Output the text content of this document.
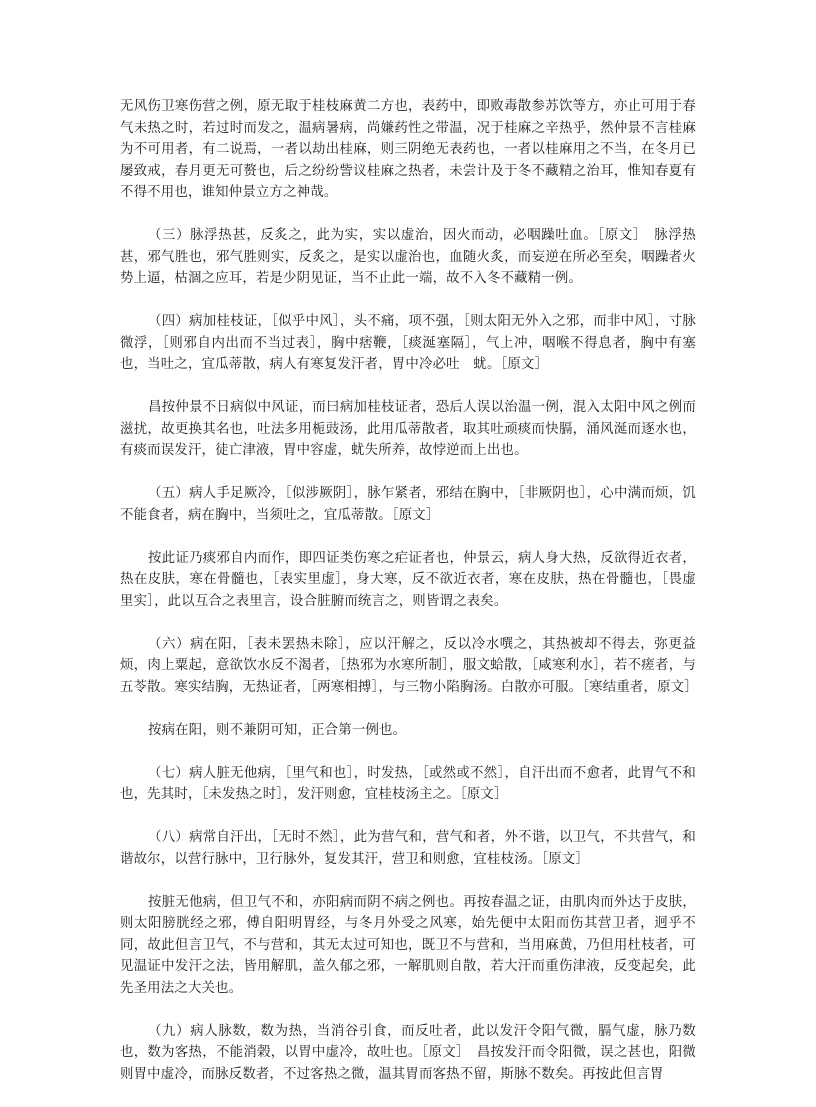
无风伤卫寒伤营之例，原无取于桂枝麻黄二方也，表药中，即败毒散参苏饮等方，亦止可用于春气未热之时，若过时而发之，温病暑病，尚嫌药性之带温，况于桂麻之辛热乎，然仲景不言桂麻为不可用者，有二说焉，一者以劫出桂麻，则三阴绝无表药也，一者以桂麻用之不当，在冬月已屡致戒，春月更无可赘也，后之纷纷訾议桂麻之热者，未尝计及于冬不藏精之治耳，惟知春夏有不得不用也，谁知仲景立方之神哉。

（三）脉浮热甚，反炙之，此为实，实以虚治，因火而动，必咽躁吐血。［原文］　脉浮热甚，邪气胜也，邪气胜则实，反炙之，是实以虚治也，血随火炙，而妄逆在所必至矣，咽躁者火势上逼，枯涸之应耳，若是少阴见证，当不止此一端，故不入冬不藏精一例。

（四）病加桂枝证，［似乎中风］，头不痛，项不强，［则太阳无外入之邪，而非中风］，寸脉微浮，［则邪自内出而不当过表］，胸中痞鞭，［痰涎塞隔］，气上冲，咽喉不得息者，胸中有塞也，当吐之，宜瓜蒂散，病人有寒复发汗者，胃中冷必吐　蚘。［原文］

昌按仲景不日病似中风证，而曰病加桂枝证者，恐后人误以治温一例，混入太阳中风之例而滋扰，故更换其名也，吐法多用栀豉汤，此用瓜蒂散者，取其吐顽痰而快膈，涌风涎而逐水也，有痰而误发汗，徒亡津液，胃中容虚，蚘失所养，故悖逆而上出也。

（五）病人手足厥冷，［似涉厥阴］，脉乍紧者，邪结在胸中，［非厥阴也］，心中满而烦，饥不能食者，病在胸中，当须吐之，宜瓜蒂散。［原文］

按此证乃痰邪自内而作，即四证类伤寒之疟证者也，仲景云，病人身大热，反欲得近衣者，热在皮肤，寒在骨髓也，［表实里虚］，身大寒，反不欲近衣者，寒在皮肤，热在骨髓也，［畏虚里实］，此以互合之表里言，设合脏腑而统言之，则皆谓之表矣。

（六）病在阳，［表未罢热未除］，应以汗解之，反以冷水噀之，其热被却不得去，弥更益烦，肉上粟起，意欲饮水反不渴者，［热邪为水寒所制］，服文蛤散，［咸寒利水］，若不瘥者，与五苓散。寒实结胸，无热证者，［两寒相搏］，与三物小陷胸汤。白散亦可服。［寒结重者，原文］

按病在阳，则不兼阴可知，正合第一例也。

（七）病人脏无他病，［里气和也］，时发热，［或然或不然］，自汗出而不愈者，此胃气不和也，先其时，［未发热之时］，发汗则愈，宜桂枝汤主之。［原文］

（八）病常自汗出，［无时不然］，此为营气和，营气和者，外不谐，以卫气，不共营气，和谐故尔，以营行脉中，卫行脉外，复发其汗，营卫和则愈，宜桂枝汤。［原文］

按脏无他病，但卫气不和，亦阳病而阴不病之例也。再按春温之证，由肌肉而外达于皮肤，则太阳膀胱经之邪，傅自阳明胃经，与冬月外受之风寒，始先便中太阳而伤其营卫者，迥乎不同，故此但言卫气，不与营和，其无太过可知也，既卫不与营和，当用麻黄，乃但用杜枝者，可见温证中发汗之法，皆用解肌，盖久郁之邪，一解肌则自散，若大汗而重伤津液，反变起矣，此先圣用法之大关也。

（九）病人脉数，数为热，当消谷引食，而反吐者，此以发汗令阳气微，膈气虚，脉乃数也，数为客热，不能消榖，以胃中虚冷，故吐也。［原文］　昌按发汗而令阳微，误之甚也，阳微则胃中虚冷，而脉反数者，不过客热之微，温其胃而客热不留，斯脉不数矣。再按此但言胃
